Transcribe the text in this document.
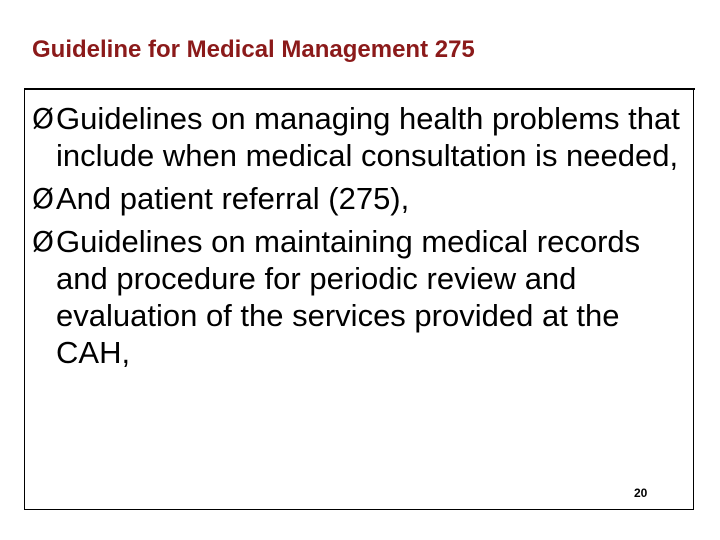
Guideline for Medical Management 275
Ø Guidelines on managing health problems that include when medical consultation is needed,
Ø And patient referral (275),
Ø Guidelines on maintaining medical records and procedure for periodic review and evaluation of the services provided at the CAH,
20
